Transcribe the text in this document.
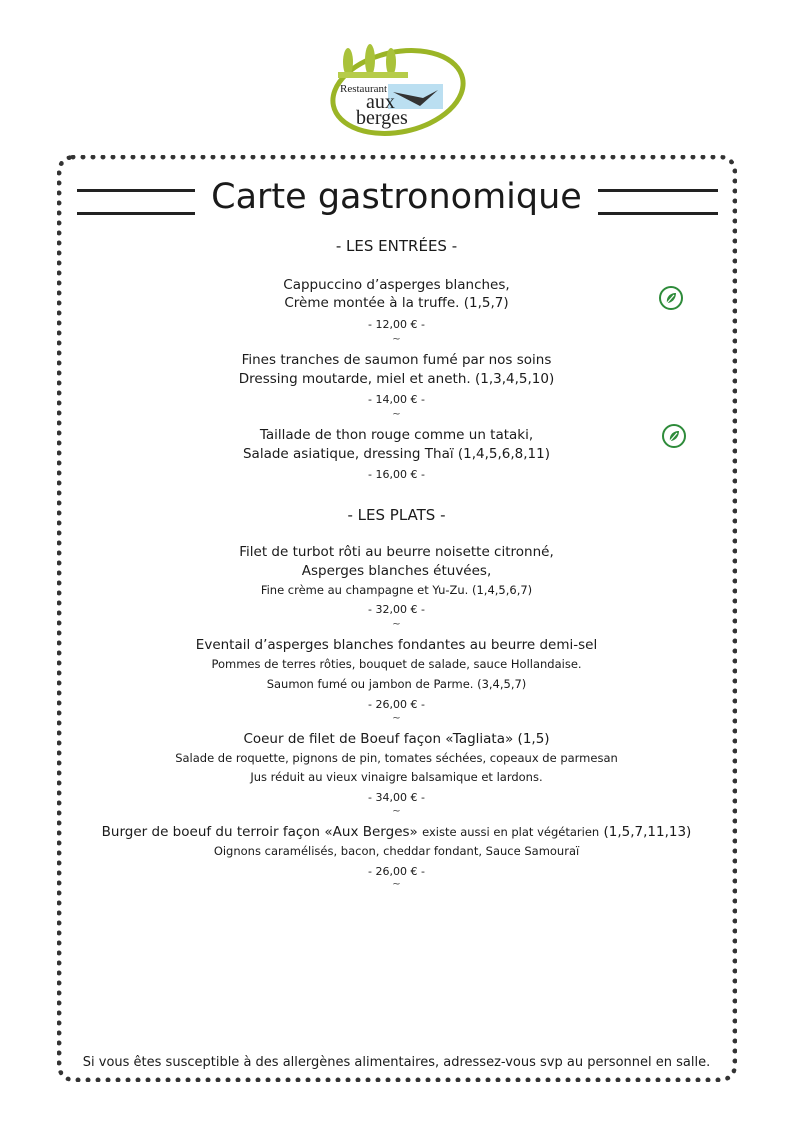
Restaurant
aux
berges
Carte gastronomique
- LES ENTRÉES -
Cappuccino d’asperges blanches,
Crème montée à la truffe. (1,5,7)
- 12,00 € -
~
Fines tranches de saumon fumé par nos soins
Dressing moutarde, miel et aneth. (1,3,4,5,10)
- 14,00 € -
~
Taillade de thon rouge comme un tataki,
Salade asiatique, dressing Thaï (1,4,5,6,8,11)
- 16,00 € -
- LES PLATS -
Filet de turbot rôti au beurre noisette citronné,
Asperges blanches étuvées,
Fine crème au champagne et Yu-Zu. (1,4,5,6,7)
- 32,00 € -
~
Eventail d’asperges blanches fondantes au beurre demi-sel
Pommes de terres rôties, bouquet de salade, sauce Hollandaise.
Saumon fumé ou jambon de Parme. (3,4,5,7)
- 26,00 € -
~
Coeur de filet de Boeuf façon «Tagliata» (1,5)
Salade de roquette, pignons de pin, tomates séchées, copeaux de parmesan
Jus réduit au vieux vinaigre balsamique et lardons.
- 34,00 € -
~
Burger de boeuf du terroir façon «Aux Berges» existe aussi en plat végétarien (1,5,7,11,13)
Oignons caramélisés, bacon, cheddar fondant, Sauce Samouraï
- 26,00 € -
~
Si vous êtes susceptible à des allergènes alimentaires, adressez-vous svp au personnel en salle.
